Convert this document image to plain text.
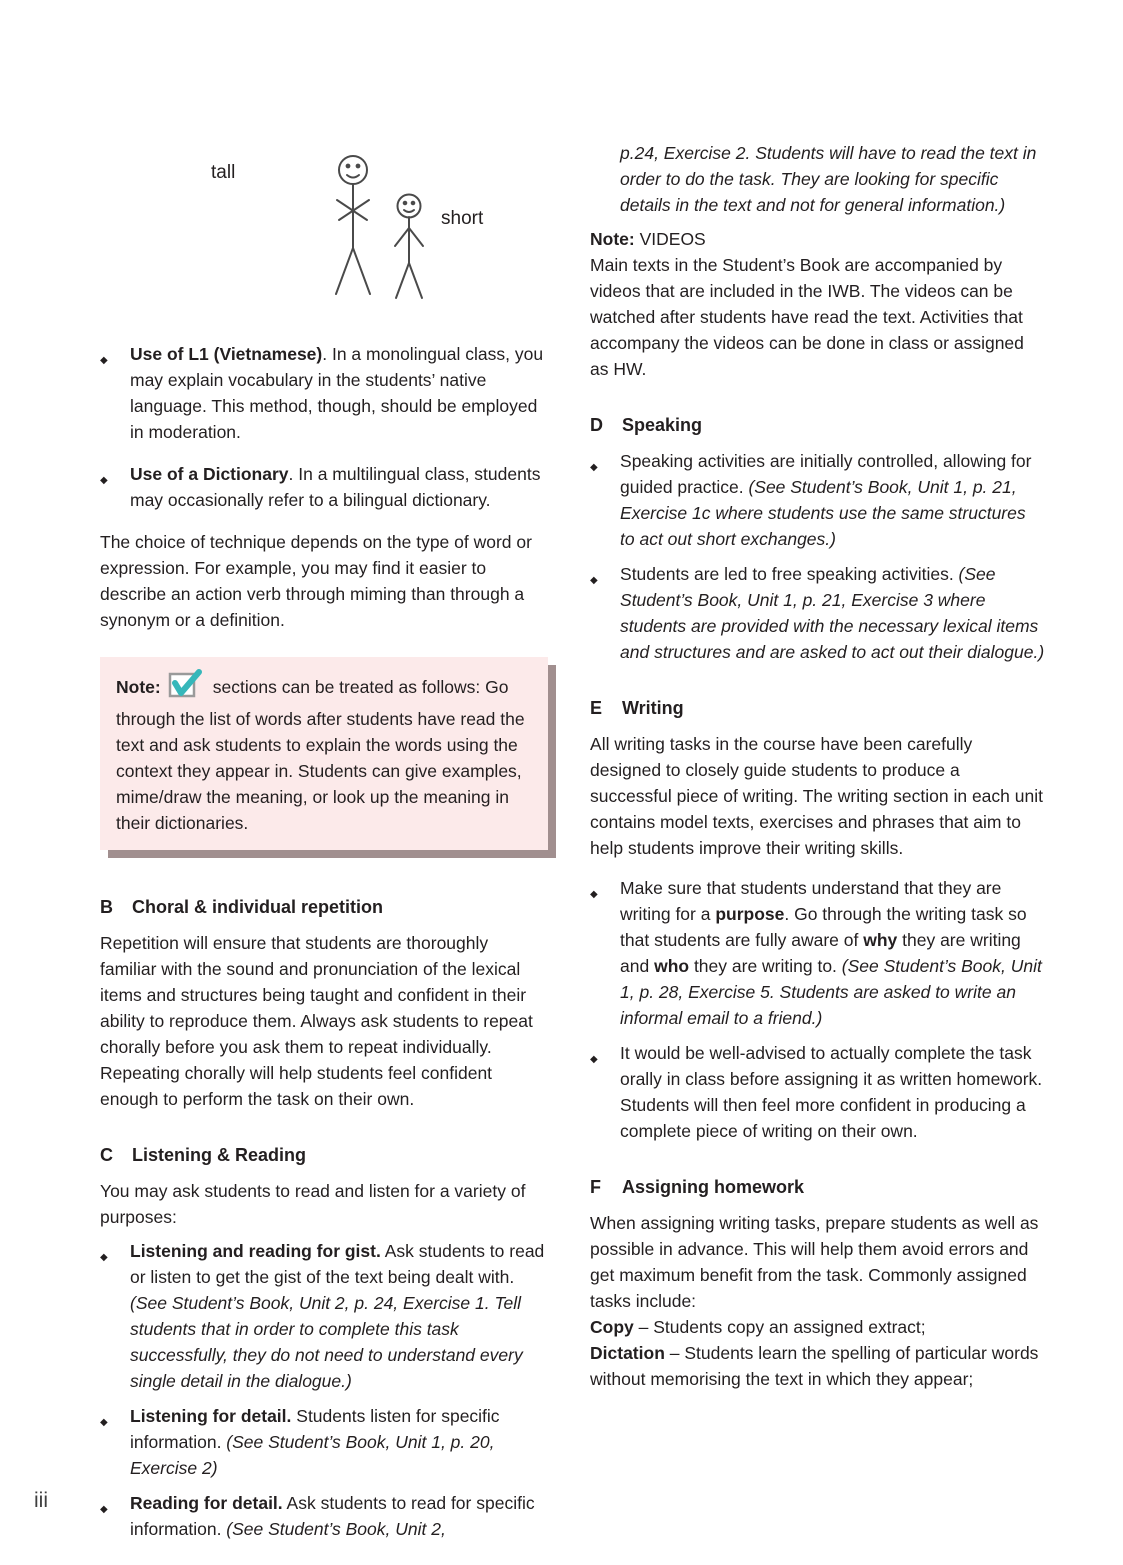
tall
short
◆	Use of L1 (Vietnamese). In a monolingual class, you may explain vocabulary in the students’ native language. This method, though, should be employed in moderation.
◆	Use of a Dictionary. In a multilingual class, students may occasionally refer to a bilingual dictionary.

The choice of technique depends on the type of word or expression. For example, you may find it easier to describe an action verb through miming than through a synonym or a definition.

Note:	sections can be treated as follows: Go through the list of words after students have read the text and ask students to explain the words using the context they appear in. Students can give examples, mime/draw the meaning, or look up the meaning in their dictionaries.
B	Choral & individual repetition

Repetition will ensure that students are thoroughly familiar with the sound and pronunciation of the lexical items and structures being taught and confident in their ability to reproduce them. Always ask students to repeat chorally before you ask them to repeat individually. Repeating chorally will help students feel confident enough to perform the task on their own.

C	Listening & Reading

You may ask students to read and listen for a variety of purposes:

◆	Listening and reading for gist. Ask students to read or listen to get the gist of the text being dealt with. (See Student’s Book, Unit 2, p. 24, Exercise 1. Tell students that in order to complete this task successfully, they do not need to understand every single detail in the dialogue.)
◆	Listening for detail. Students listen for specific information. (See Student’s Book, Unit 1, p. 20, Exercise 2)
◆	Reading for detail. Ask students to read for specific information. (See Student’s Book, Unit 2,

p.24, Exercise 2. Students will have to read the text in order to do the task. They are looking for specific details in the text and not for general information.)

Note: VIDEOS

Main texts in the Student’s Book are accompanied by videos that are included in the IWB. The videos can be watched after students have read the text. Activities that accompany the videos can be done in class or assigned as HW.

D	Speaking
◆	Speaking activities are initially controlled, allowing for guided practice. (See Student’s Book, Unit 1, p. 21, Exercise 1c where students use the same structures to act out short exchanges.)
◆	Students are led to free speaking activities. (See Student’s Book, Unit 1, p. 21, Exercise 3 where students are provided with the necessary lexical items and structures and are asked to act out their dialogue.)
E	Writing

All writing tasks in the course have been carefully designed to closely guide students to produce a successful piece of writing. The writing section in each unit contains model texts, exercises and phrases that aim to help students improve their writing skills.

◆	Make sure that students understand that they are writing for a purpose. Go through the writing task so that students are fully aware of why they are writing and who they are writing to. (See Student’s Book, Unit 1, p. 28, Exercise 5. Students are asked to write an informal email to a friend.)
◆	It would be well-advised to actually complete the task orally in class before assigning it as written homework. Students will then feel more confident in producing a complete piece of writing on their own.
F	Assigning homework

When assigning writing tasks, prepare students as well as possible in advance. This will help them avoid errors and get maximum benefit from the task. Commonly assigned tasks include:

Copy – Students copy an assigned extract;

Dictation – Students learn the spelling of particular words without memorising the text in which they appear;

iii
